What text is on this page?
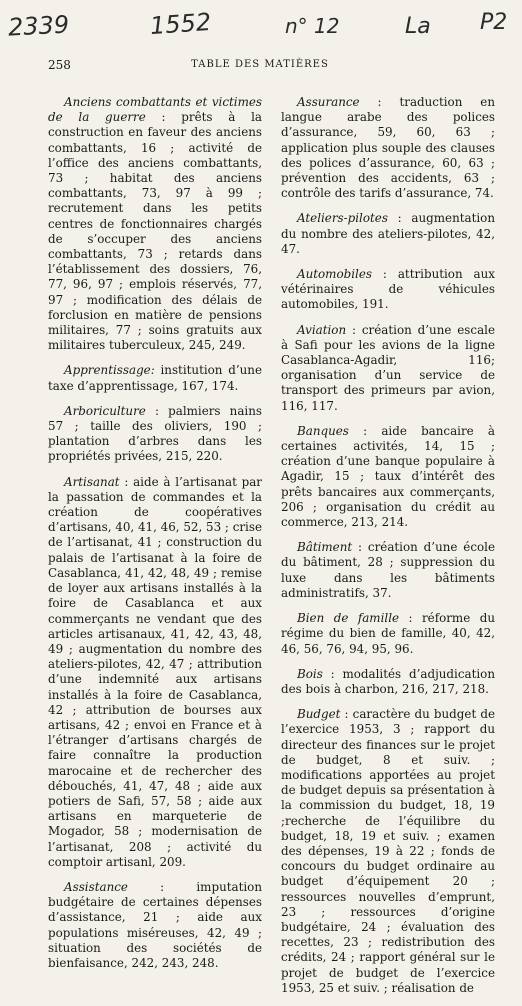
2339	1552	n° 12	La P2
258	TABLE DES MATIÈRES

Anciens combattants et victimes de la guerre : prêts à la construction en faveur des anciens combattants, 16 ; activité de l’office des anciens combattants, 73 ; habitat des anciens combattants, 73, 97 à 99 ; recrutement dans les petits centres de fonctionnaires chargés de s’occuper des anciens combattants, 73 ; retards dans l’établissement des dossiers, 76, 77, 96, 97 ; emplois réservés, 77, 97 ; modification des délais de forclusion en matière de pensions militaires, 77 ; soins gratuits aux militaires tuberculeux, 245, 249.

Apprentissage: institution d’une taxe d’apprentissage, 167, 174.

Arboriculture : palmiers nains 57 ; taille des oliviers, 190 ; plantation d’arbres dans les propriétés privées, 215, 220.

Artisanat : aide à l’artisanat par la passation de commandes et la création de coopératives d’artisans, 40, 41, 46, 52, 53 ; crise de l’artisanat, 41 ; construction du palais de l’artisanat à la foire de Casablanca, 41, 42, 48, 49 ; remise de loyer aux artisans installés à la foire de Casablanca et aux commerçants ne vendant que des articles artisanaux, 41, 42, 43, 48, 49 ; augmentation du nombre des ateliers-pilotes, 42, 47 ; attribution d’une indemnité aux artisans installés à la foire de Casablanca, 42 ; attribution de bourses aux artisans, 42 ; envoi en France et à l’étranger d’artisans chargés de faire connaître la production marocaine et de rechercher des débouchés, 41, 47, 48 ; aide aux potiers de Safi, 57, 58 ; aide aux artisans en marqueterie de Mogador, 58 ; modernisation de l’artisanat, 208 ; activité du comptoir artisanl, 209.

Assistance : imputation budgétaire de certaines dépenses d’assistance, 21 ; aide aux populations miséreuses, 42, 49 ; situation des sociétés de bienfaisance, 242, 243, 248.

Assurance : traduction en langue arabe des polices d’assurance, 59, 60, 63 ; application plus souple des clauses des polices d’assurance, 60, 63 ; prévention des accidents, 63 ; contrôle des tarifs d’assurance, 74.

Ateliers-pilotes : augmentation du nombre des ateliers-pilotes, 42, 47.

Automobiles : attribution aux vétérinaires de véhicules automobiles, 191.

Aviation : création d’une escale à Safi pour les avions de la ligne Casablanca-Agadir, 116; organisation d’un service de transport des primeurs par avion, 116, 117.

Banques : aide bancaire à certaines activités, 14, 15 ; création d’une banque populaire à Agadir, 15 ; taux d’intérêt des prêts bancaires aux commerçants, 206 ; organisation du crédit au commerce, 213, 214.

Bâtiment : création d’une école du bâtiment, 28 ; suppression du luxe dans les bâtiments administratifs, 37.

Bien de famille : réforme du régime du bien de famille, 40, 42, 46, 56, 76, 94, 95, 96.

Bois : modalités d’adjudication des bois à charbon, 216, 217, 218.

Budget : caractère du budget de l’exercice 1953, 3 ; rapport du directeur des finances sur le projet de budget, 8 et suiv. ; modifications apportées au projet de budget depuis sa présentation à la commission du budget, 18, 19 ;recherche de l’équilibre du budget, 18, 19 et suiv. ; examen des dépenses, 19 à 22 ; fonds de concours du budget ordinaire au budget d’équipement 20 ; ressources nouvelles d’emprunt, 23 ; ressources d’origine budgétaire, 24 ; évaluation des recettes, 23 ; redistribution des crédits, 24 ; rapport général sur le projet de budget de l’exercice 1953, 25 et suiv. ; réalisation de
